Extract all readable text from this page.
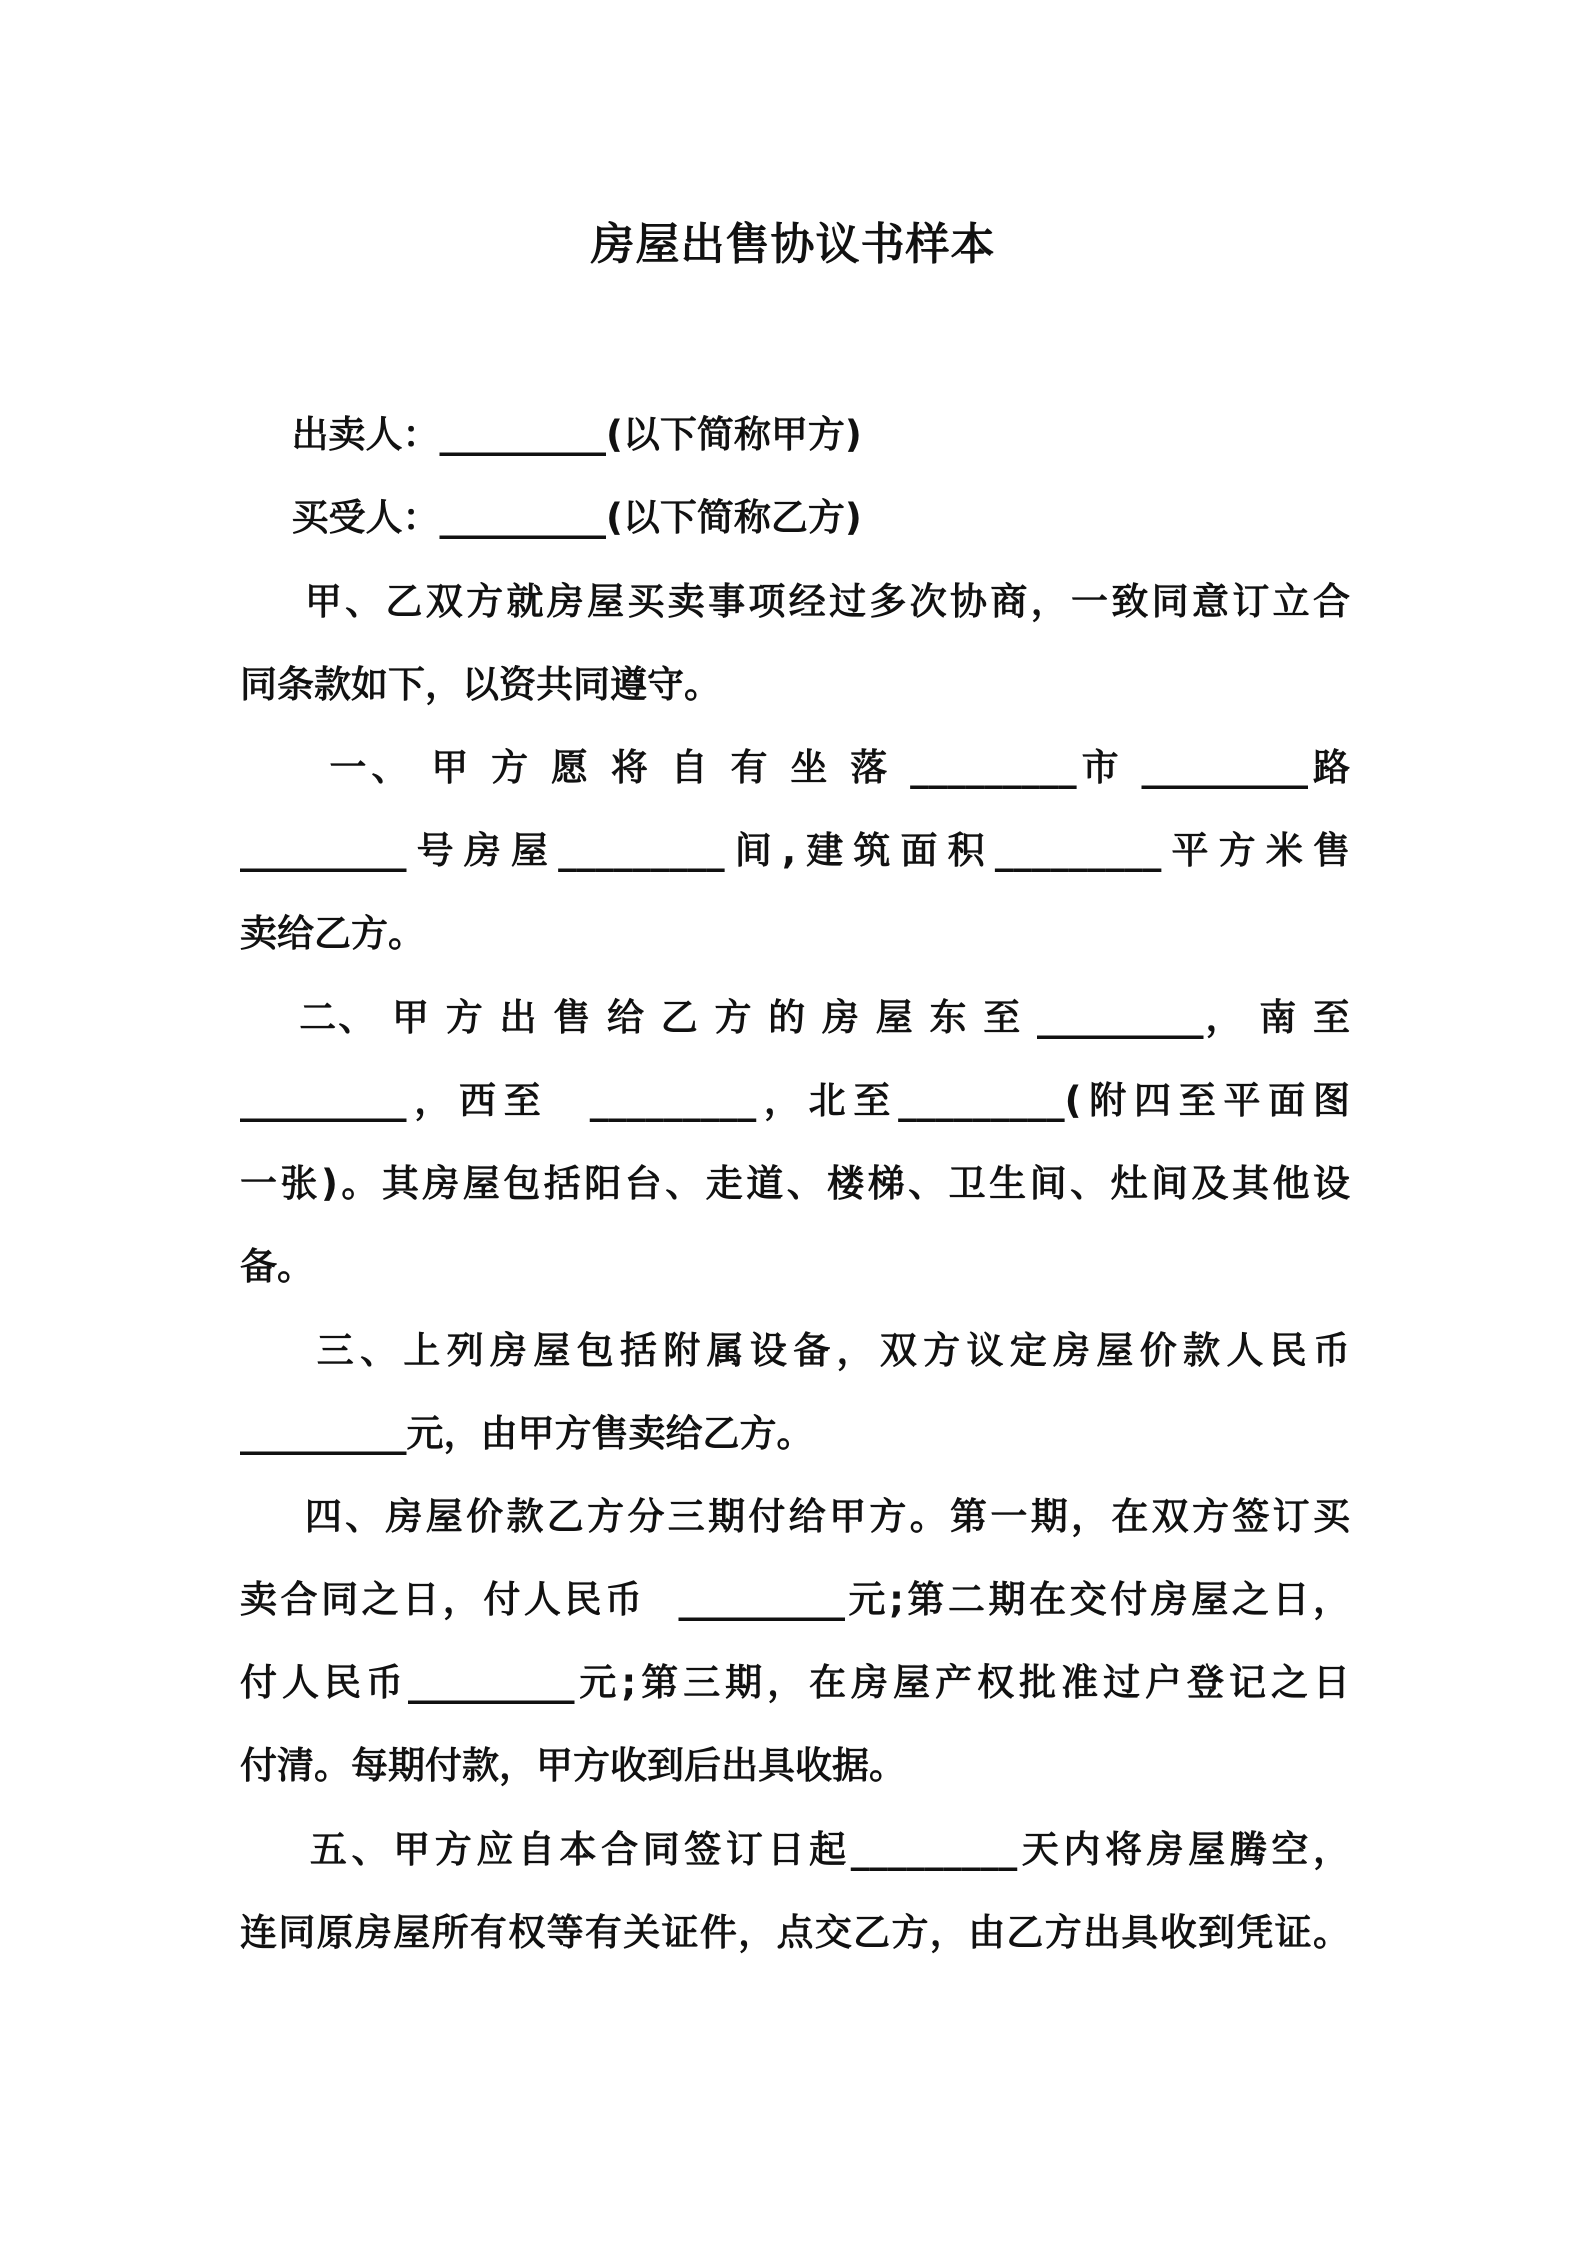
房屋出售协议书样本
出卖人：_________(以下简称甲方)
买受人：_________(以下简称乙方)
甲、乙双方就房屋买卖事项经过多次协商，一致同意订立合
同条款如下，以资共同遵守。
一、 甲 方 愿 将 自 有 坐 落 _________市 _________路
_________号房屋_________间,建筑面积_________平方米售
卖给乙方。
二、 甲 方 出 售 给 乙 方 的 房 屋 东 至 _________， 南 至
_________，西至  _________，北至_________(附四至平面图
一张)。其房屋包括阳台、走道、楼梯、卫生间、灶间及其他设
备。
三、上列房屋包括附属设备，双方议定房屋价款人民币
_________元，由甲方售卖给乙方。
四、房屋价款乙方分三期付给甲方。第一期，在双方签订买
卖合同之日，付人民币  _________元;第二期在交付房屋之日，
付人民币_________元;第三期，在房屋产权批准过户登记之日
付清。每期付款，甲方收到后出具收据。
五、甲方应自本合同签订日起_________天内将房屋腾空，
连同原房屋所有权等有关证件，点交乙方，由乙方出具收到凭证。
